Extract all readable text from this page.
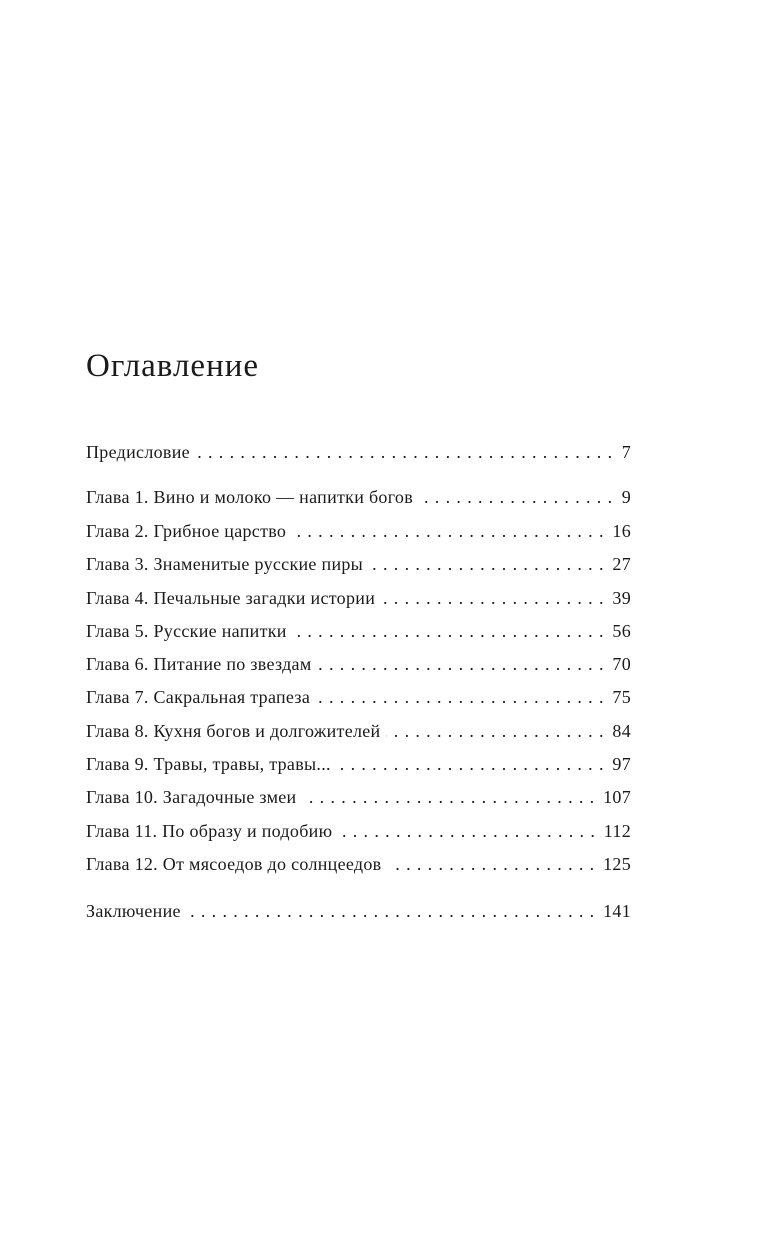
Оглавление
Предисловие . . .	7
Глава 1. Вино и молоко — напитки богов . . .	9
Глава 2. Грибное царство . . .	16
Глава 3. Знаменитые русские пиры . . .	27
Глава 4. Печальные загадки истории . . .	39
Глава 5. Русские напитки . . .	56
Глава 6. Питание по звездам . . .	70
Глава 7. Сакральная трапеза . . .	75
Глава 8. Кухня богов и долгожителей . . .	84
Глава 9. Травы, травы, травы... . . .	97
Глава 10. Загадочные змеи . . .	107
Глава 11. По образу и подобию . . .	112
Глава 12. От мясоедов до солнцеедов . . .	125
Заключение . . .	141
